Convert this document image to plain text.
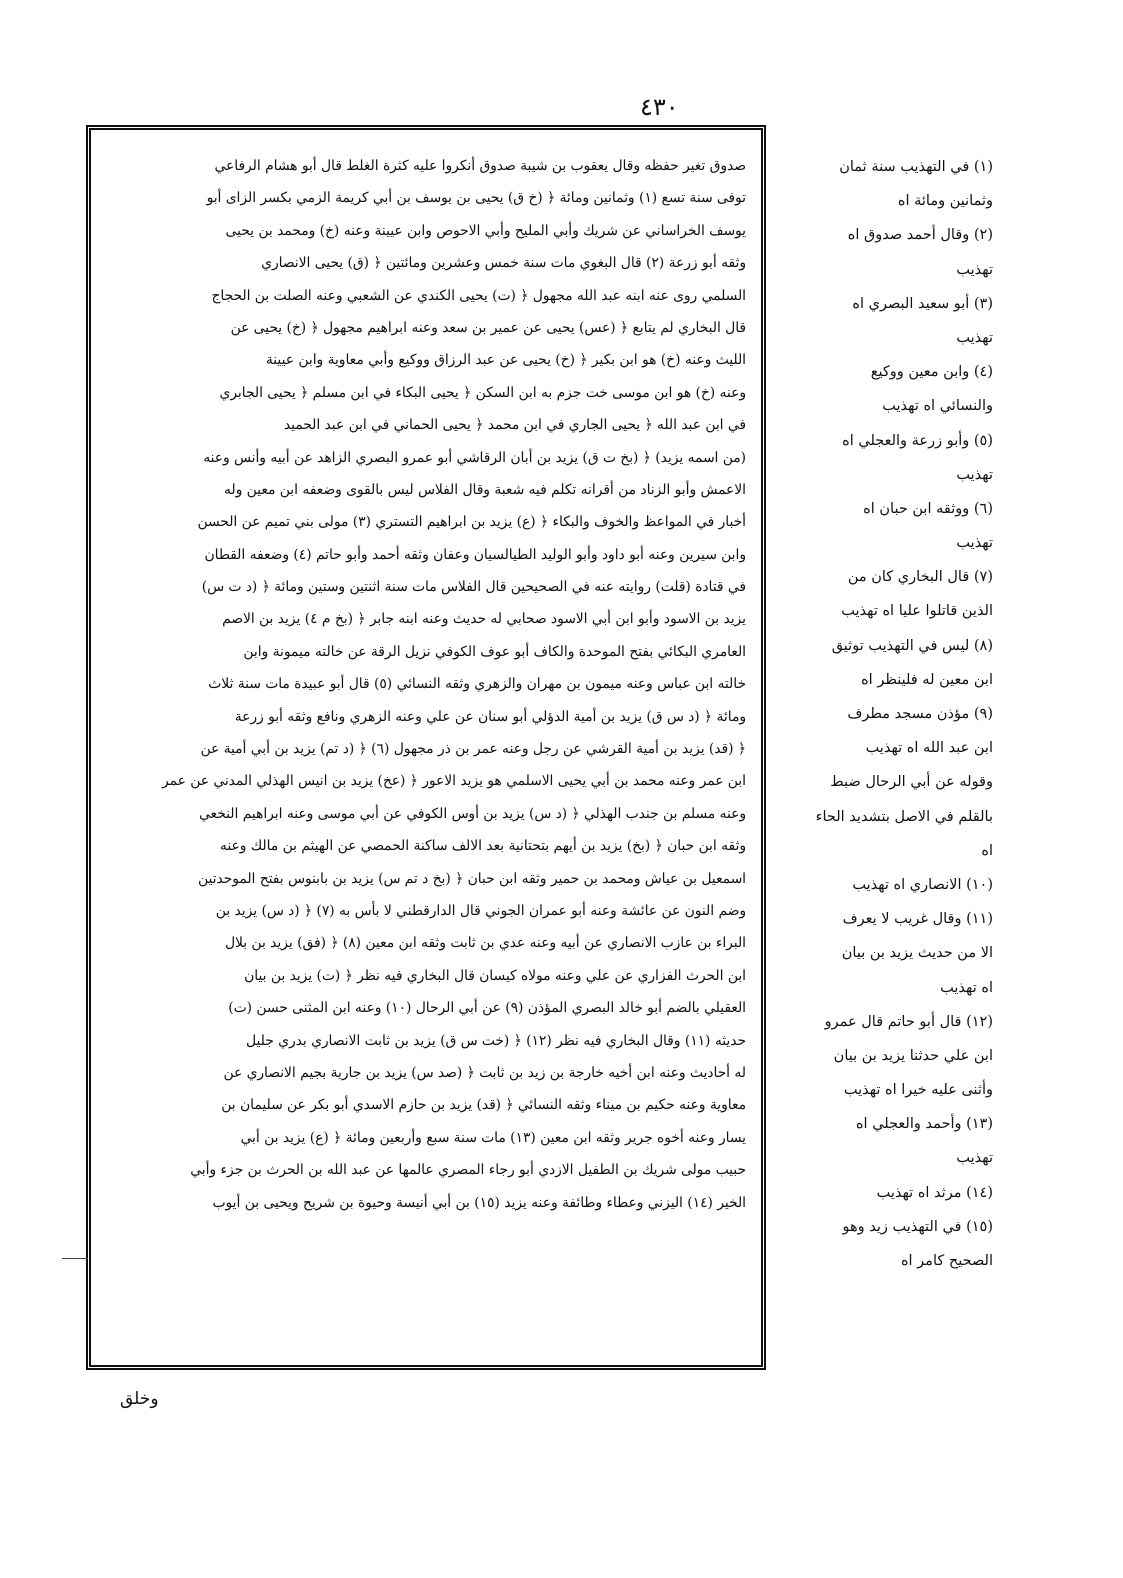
٤٣٠
صدوق تغير حفظه وقال يعقوب بن شيبة صدوق أنكروا عليه كثرة الغلط قال أبو هشام الرفاعي
توفى سنة تسع (١) وثمانين ومائة ﴿ (خ ق) يحيى بن يوسف بن أبي كريمة الزمي بكسر الزاى أبو
يوسف الخراساني عن شريك وأبي المليح وأبي الاحوص وابن عيينة وعنه (خ) ومحمد بن يحيى
وثقه أبو زرعة (٢) قال البغوي مات سنة خمس وعشرين ومائتين ﴿ (ق) يحيى الانصاري
السلمي روى عنه ابنه عبد الله مجهول ﴿ (ت) يحيى الكندي عن الشعبي وعنه الصلت بن الحجاج
قال البخاري لم يتابع ﴿ (عس) يحيى عن عمير بن سعد وعنه ابراهيم مجهول ﴿ (خ) يحيى عن
الليث وعنه (خ) هو ابن بكير ﴿ (خ) يحيى عن عبد الرزاق ووكيع وأبي معاوية وابن عيينة
وعنه (خ) هو ابن موسى خت جزم به ابن السكن ﴿ يحيى البكاء في ابن مسلم ﴿ يحيى الجابري
في ابن عبد الله ﴿ يحيى الجاري في ابن محمد ﴿ يحيى الحماني في ابن عبد الحميد
(من اسمه يزيد) ﴿ (بخ ت ق) يزيد بن أبان الرقاشي أبو عمرو البصري الزاهد عن أبيه وأنس وعنه
الاعمش وأبو الزناد من أقرانه تكلم فيه شعبة وقال الفلاس ليس بالقوى وضعفه ابن معين وله
أخبار في المواعظ والخوف والبكاء ﴿ (ع) يزيد بن ابراهيم التستري (٣) مولى بني تميم عن الحسن
وابن سيرين وعنه أبو داود وأبو الوليد الطيالسيان وعفان وثقه أحمد وأبو حاتم (٤) وضعفه القطان
في قتادة (قلت) روايته عنه في الصحيحين قال الفلاس مات سنة اثنتين وستين ومائة ﴿ (د ت س)
يزيد بن الاسود وأبو ابن أبي الاسود صحابي له حديث وعنه ابنه جابر ﴿ (بخ م ٤) يزيد بن الاصم
العامري البكائي بفتح الموحدة والكاف أبو عوف الكوفي نزيل الرقة عن خالته ميمونة وابن
خالته ابن عباس وعنه ميمون بن مهران والزهري وثقه النسائي (٥) قال أبو عبيدة مات سنة ثلاث
ومائة ﴿ (د س ق) يزيد بن أمية الدؤلي أبو سنان عن علي وعنه الزهري ونافع وثقه أبو زرعة
﴿ (قد) يزيد بن أمية القرشي عن رجل وعنه عمر بن ذر مجهول (٦) ﴿ (د تم) يزيد بن أبي أمية عن
ابن عمر وعنه محمد بن أبي يحيى الاسلمي هو يزيد الاعور ﴿ (عخ) يزيد بن انيس الهذلي المدني عن عمر
وعنه مسلم بن جندب الهذلي ﴿ (د س) يزيد بن أوس الكوفي عن أبي موسى وعنه ابراهيم النخعي
وثقه ابن حبان ﴿ (بخ) يزيد بن أيهم بتحتانية بعد الالف ساكنة الحمصي عن الهيثم بن مالك وعنه
اسمعيل بن عياش ومحمد بن حمير وثقه ابن حبان ﴿ (بخ د تم س) يزيد بن بابنوس بفتح الموحدتين
وضم النون عن عائشة وعنه أبو عمران الجوني قال الدارقطني لا بأس به (٧) ﴿ (د س) يزيد بن
البراء بن عازب الانصاري عن أبيه وعنه عدي بن ثابت وثقه ابن معين (٨) ﴿ (فق) يزيد بن بلال
ابن الحرث الفزاري عن علي وعنه مولاه كيسان قال البخاري فيه نظر ﴿ (ت) يزيد بن بيان
العقيلي بالضم أبو خالد البصري المؤذن (٩) عن أبي الرحال (١٠) وعنه ابن المثنى حسن (ت)
حديثه (١١) وقال البخاري فيه نظر (١٢) ﴿ (خت س ق) يزيد بن ثابت الانصاري بدري جليل
له أحاديث وعنه ابن أخيه خارجة بن زيد بن ثابت ﴿ (صد س) يزيد بن جارية بجيم الانصاري عن
معاوية وعنه حكيم بن ميناء وثقه النسائي ﴿ (قد) يزيد بن حازم الاسدي أبو بكر عن سليمان بن
يسار وعنه أخوه جرير وثقه ابن معين (١٣) مات سنة سبع وأربعين ومائة ﴿ (ع) يزيد بن أبي
حبيب مولى شريك بن الطفيل الازدي أبو رجاء المصري عالمها عن عبد الله بن الحرث بن جزء وأبي
الخير (١٤) اليزني وعطاء وطائفة وعنه يزيد (١٥) بن أبي أنيسة وحيوة بن شريح ويحيى بن أيوب
(١) في التهذيب سنة ثمان
وثمانين ومائة اه
(٢) وقال أحمد صدوق اه
تهذيب
(٣) أبو سعيد البصري اه
تهذيب
(٤) وابن معين ووكيع
والنسائي اه تهذيب
(٥) وأبو زرعة والعجلي اه
تهذيب
(٦) ووثقه ابن حبان اه
تهذيب
(٧) قال البخاري كان من
الذين قاتلوا عليا اه تهذيب
(٨) ليس في التهذيب توثيق
ابن معين له فلينظر اه
(٩) مؤذن مسجد مطرف
ابن عبد الله اه تهذيب
وقوله عن أبي الرحال ضبط
بالقلم في الاصل بتشديد الحاء
اه
(١٠) الانصاري اه تهذيب
(١١) وقال غريب لا يعرف
الا من حديث يزيد بن بيان
اه تهذيب
(١٢) قال أبو حاتم قال عمرو
ابن علي حدثنا يزيد بن بيان
وأثنى عليه خيرا اه تهذيب
(١٣) وأحمد والعجلي اه
تهذيب
(١٤) مرثد اه تهذيب
(١٥) في التهذيب زيد وهو
الصحيح كامر اه
وخلق
